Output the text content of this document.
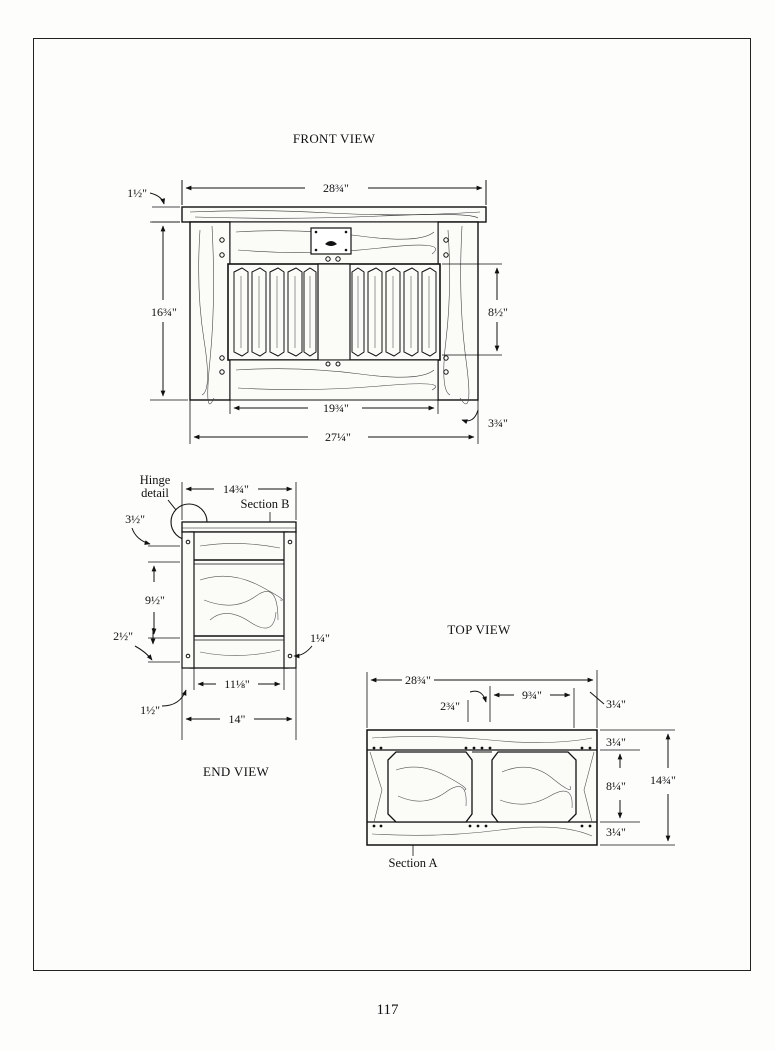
FRONT VIEW
28¾"
1½"
16¾"	8½"
19¾"
3¾"
27¼"
Hinge
detail	14¾"
Section B
3½"
9½"
2½"	1¼"
11⅛"
1½"
14"
END VIEW
TOP VIEW
28¾"
2¾"
9¾"
3¼"
3¼"
8¼"
3¼"
14¾"
Section A
117
